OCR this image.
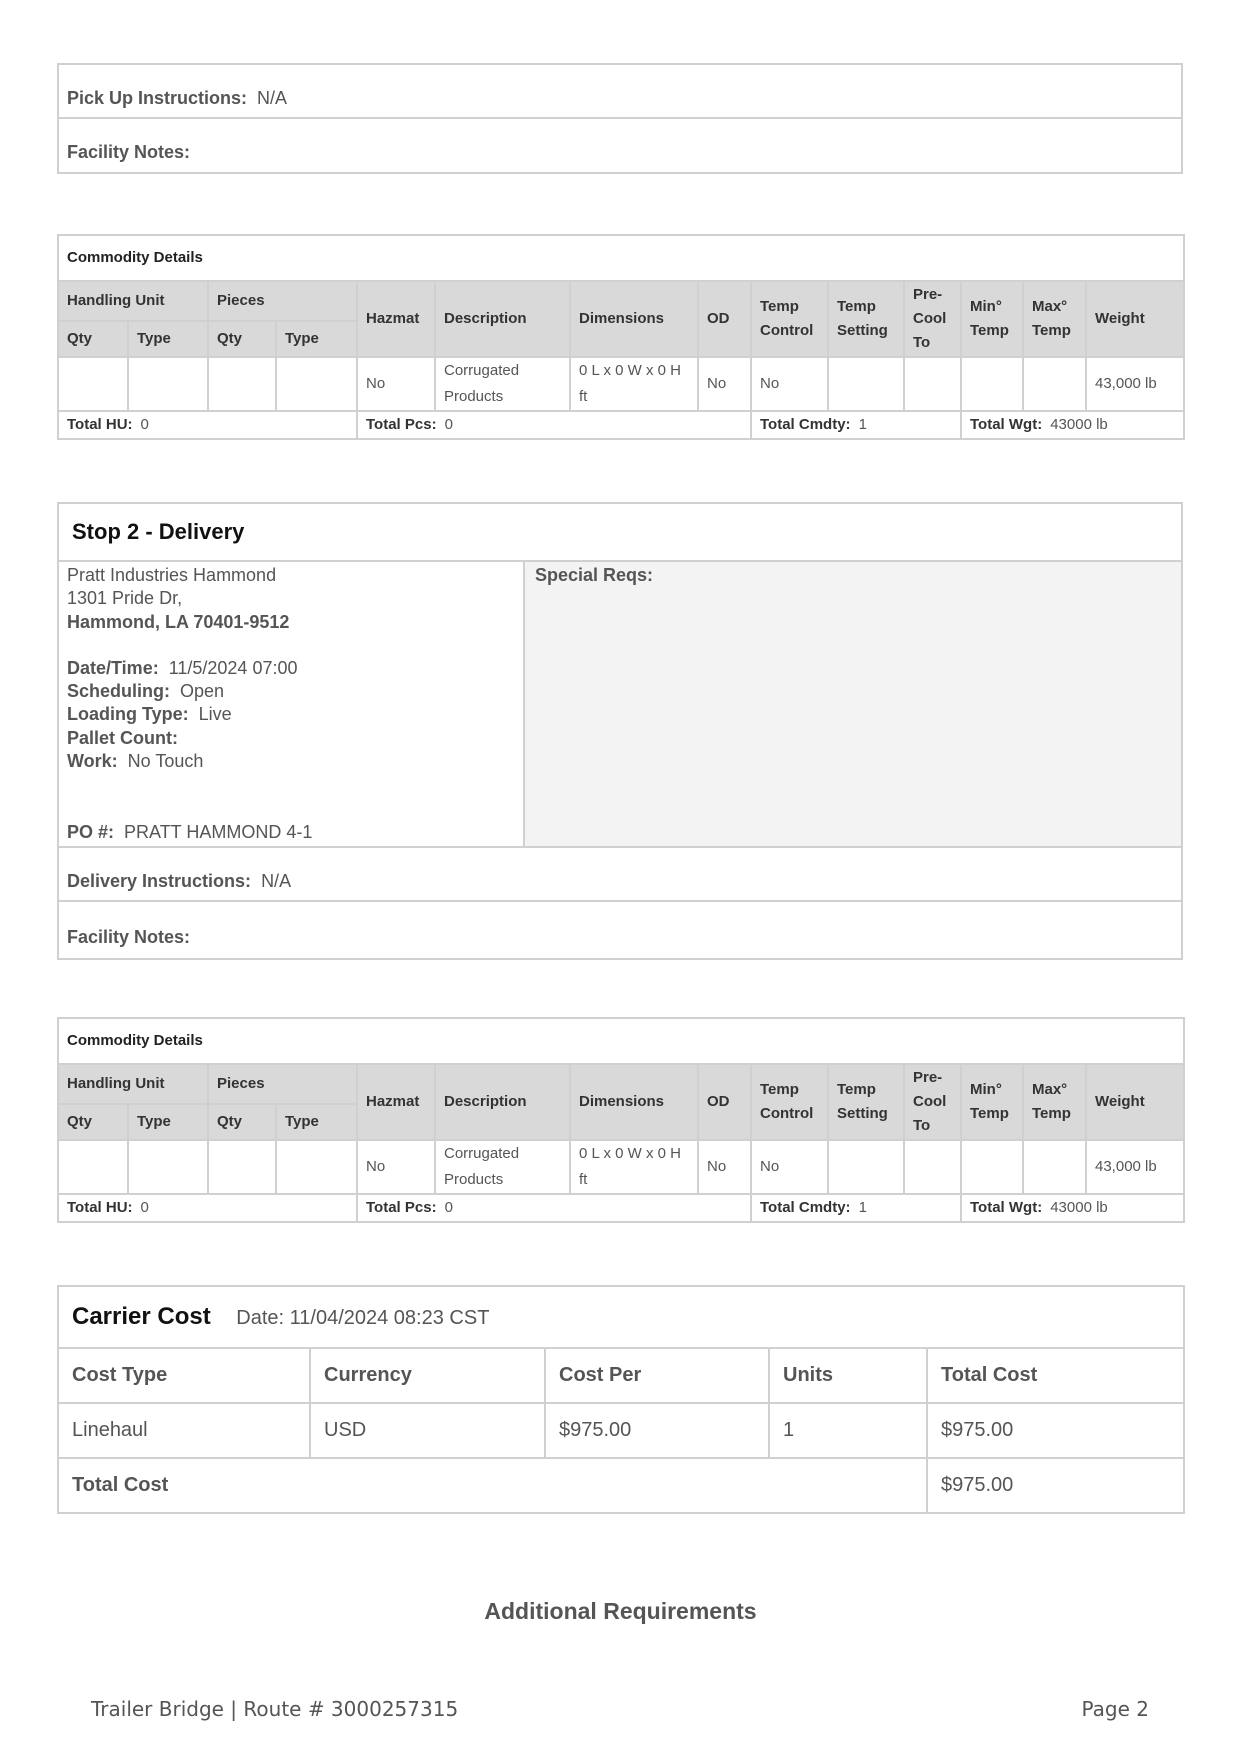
Pick Up Instructions: N/A
Facility Notes:
Commodity Details													
Handling Unit		Pieces		Hazmat	Description	Dimensions	OD	Temp Control	Temp Setting	Pre-Cool To	Min° Temp	Max° Temp	Weight
Qty	Type	Qty	Type										
				No	Corrugated Products	0 L x 0 W x 0 H ft	No	No					43,000 lb
Total HU: 0				Total Pcs: 0				Total Cmdty: 1			Total Wgt: 43000 lb		
Stop 2 - Delivery
Pratt Industries Hammond
1301 Pride Dr,
Hammond, LA 70401-9512
Date/Time: 11/5/2024 07:00
Scheduling: Open
Loading Type: Live
Pallet Count:
Work: No Touch
PO #: PRATT HAMMOND 4-1
Special Reqs:
Delivery Instructions: N/A
Facility Notes:
Commodity Details													
Handling Unit		Pieces		Hazmat	Description	Dimensions	OD	Temp Control	Temp Setting	Pre-Cool To	Min° Temp	Max° Temp	Weight
Qty	Type	Qty	Type										
				No	Corrugated Products	0 L x 0 W x 0 H ft	No	No					43,000 lb
Total HU: 0				Total Pcs: 0				Total Cmdty: 1			Total Wgt: 43000 lb		
Carrier Cost Date: 11/04/2024 08:23 CST				
Cost Type	Currency	Cost Per	Units	Total Cost
Linehaul	USD	$975.00	1	$975.00
Total Cost				$975.00
Additional Requirements
Trailer Bridge | Route # 3000257315	Page 2
